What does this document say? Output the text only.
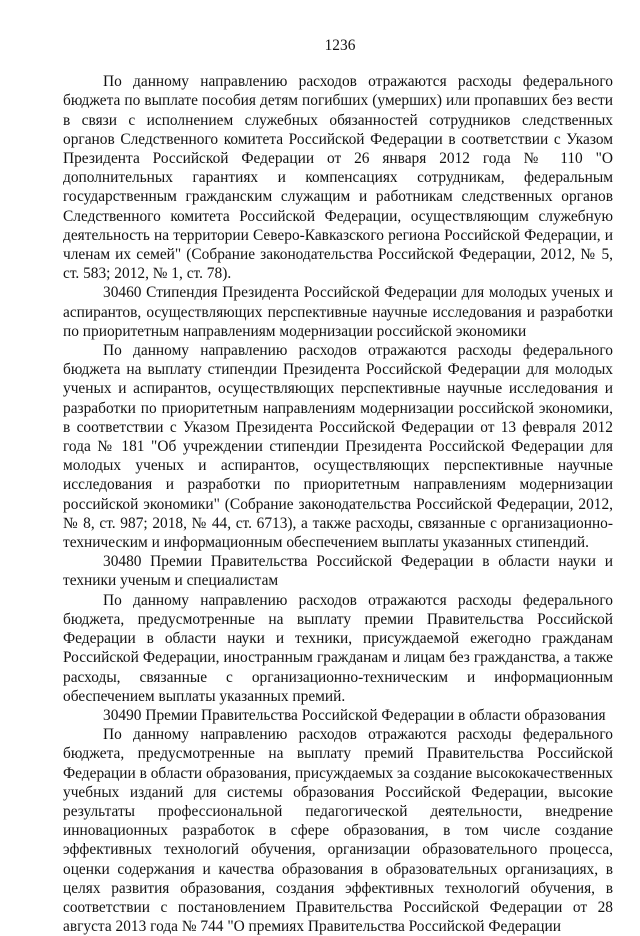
1236

По данному направлению расходов отражаются расходы федерального бюджета по выплате пособия детям погибших (умерших) или пропавших без вести в связи с исполнением служебных обязанностей сотрудников следственных органов Следственного комитета Российской Федерации в соответствии с Указом Президента Российской Федерации от 26 января 2012 года № 110 "О дополнительных гарантиях и компенсациях сотрудникам, федеральным государственным гражданским служащим и работникам следственных органов Следственного комитета Российской Федерации, осуществляющим служебную деятельность на территории Северо-Кавказского региона Российской Федерации, и членам их семей" (Собрание законодательства Российской Федерации, 2012, № 5, ст. 583; 2012, № 1, ст. 78).

30460 Стипендия Президента Российской Федерации для молодых ученых и аспирантов, осуществляющих перспективные научные исследования и разработки по приоритетным направлениям модернизации российской экономики

По данному направлению расходов отражаются расходы федерального бюджета на выплату стипендии Президента Российской Федерации для молодых ученых и аспирантов, осуществляющих перспективные научные исследования и разработки по приоритетным направлениям модернизации российской экономики, в соответствии с Указом Президента Российской Федерации от 13 февраля 2012 года № 181 "Об учреждении стипендии Президента Российской Федерации для молодых ученых и аспирантов, осуществляющих перспективные научные исследования и разработки по приоритетным направлениям модернизации российской экономики" (Собрание законодательства Российской Федерации, 2012, № 8, ст. 987; 2018, № 44, ст. 6713), а также расходы, связанные с организационно-техническим и информационным обеспечением выплаты указанных стипендий.

30480 Премии Правительства Российской Федерации в области науки и техники ученым и специалистам

По данному направлению расходов отражаются расходы федерального бюджета, предусмотренные на выплату премии Правительства Российской Федерации в области науки и техники, присуждаемой ежегодно гражданам Российской Федерации, иностранным гражданам и лицам без гражданства, а также расходы, связанные с организационно-техническим и информационным обеспечением выплаты указанных премий.

30490 Премии Правительства Российской Федерации в области образования

По данному направлению расходов отражаются расходы федерального бюджета, предусмотренные на выплату премий Правительства Российской Федерации в области образования, присуждаемых за создание высококачественных учебных изданий для системы образования Российской Федерации, высокие результаты профессиональной педагогической деятельности, внедрение инновационных разработок в сфере образования, в том числе создание эффективных технологий обучения, организации образовательного процесса, оценки содержания и качества образования в образовательных организациях, в целях развития образования, создания эффективных технологий обучения, в соответствии с постановлением Правительства Российской Федерации от 28 августа 2013 года № 744 "О премиях Правительства Российской Федерации
